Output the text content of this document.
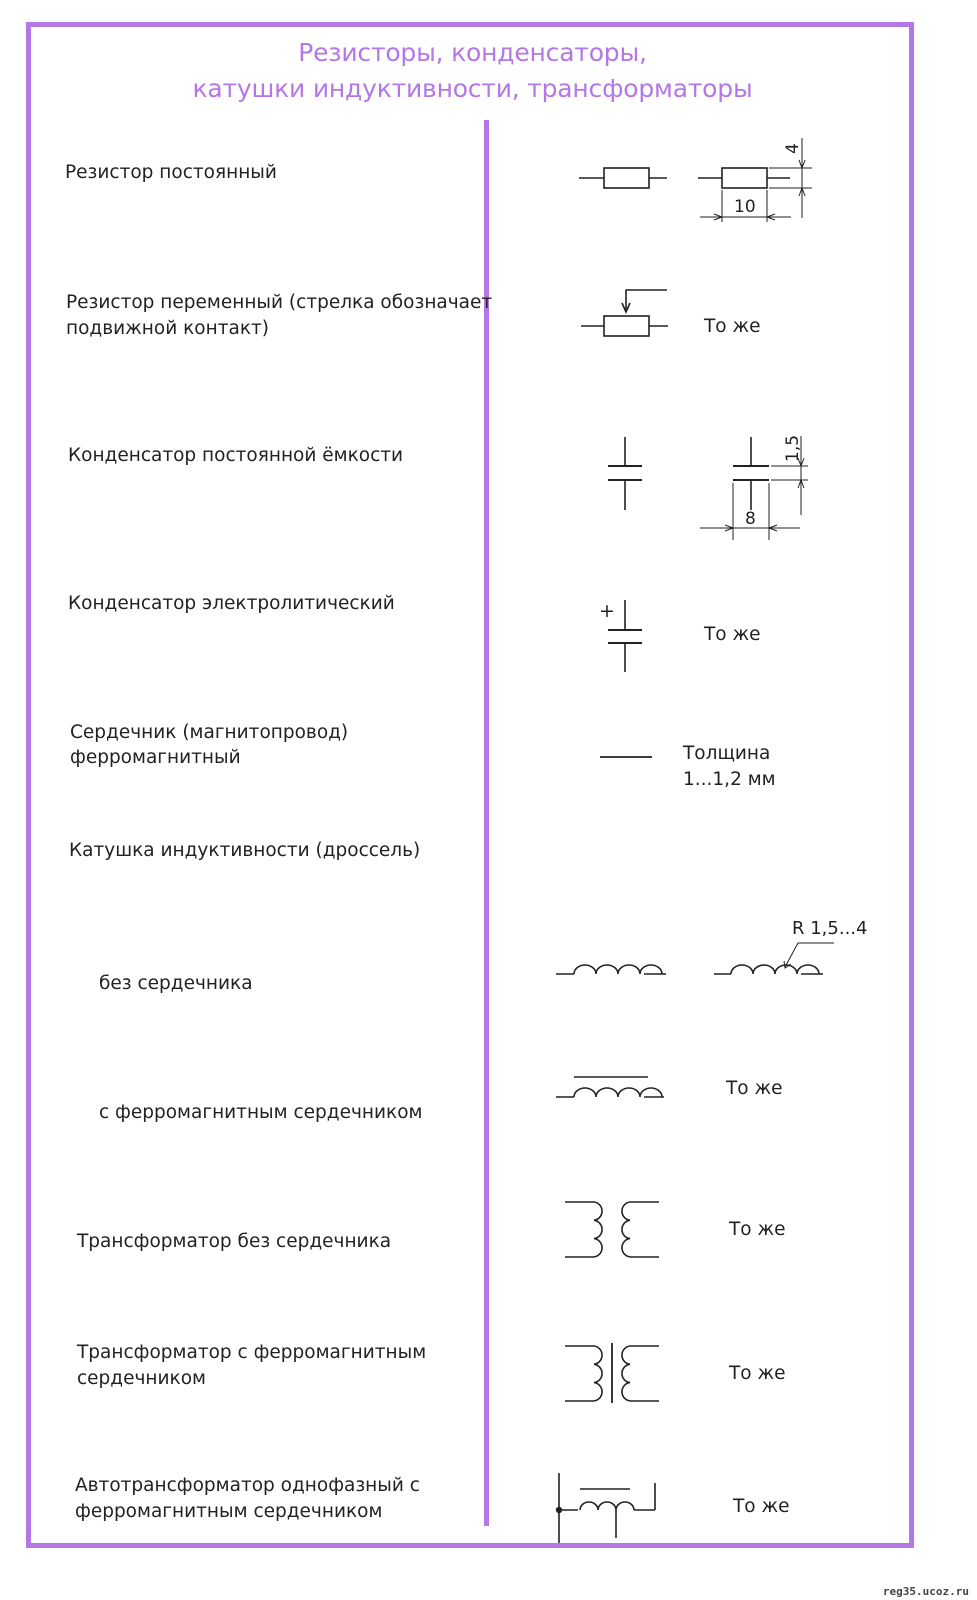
Резисторы, конденсаторы,
катушки индуктивности, трансформаторы
Резистор постоянный
Резистор переменный (стрелка обозначает
подвижной контакт)
Конденсатор постоянной ёмкости
Конденсатор электролитический
Сердечник (магнитопровод)
ферромагнитный
Катушка индуктивности (дроссель)
без сердечника
с ферромагнитным сердечником
Трансформатор без сердечника
Трансформатор с ферромагнитным
сердечником
Автотрансформатор однофазный с
ферромагнитным сердечником
То же
То же
Толщина
1...1,2 мм
То же
То же
То же
То же
4
10
1,5
8
+
R 1,5...4
reg35.ucoz.ru
